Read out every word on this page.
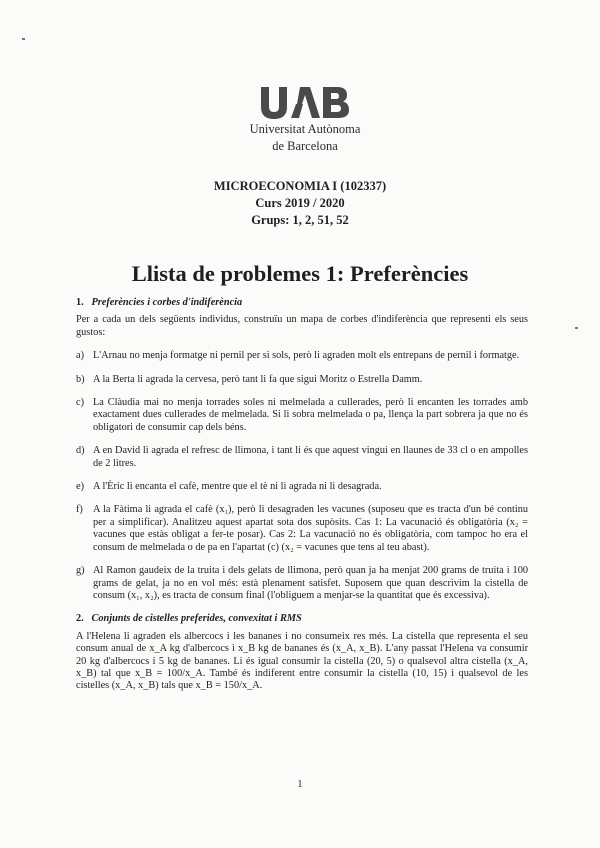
Universitat Autònoma
de Barcelona
MICROECONOMIA I (102337)
Curs 2019 / 2020
Grups: 1, 2, 51, 52
Llista de problemes 1: Preferències

1. Preferències i corbes d'indiferència

Per a cada un dels següents individus, construïu un mapa de corbes d'indiferència que representi els seus gustos:

a) L'Arnau no menja formatge ni pernil per si sols, però li agraden molt els entrepans de pernil i formatge.
b) A la Berta li agrada la cervesa, però tant li fa que sigui Moritz o Estrella Damm.
c) La Clàudia mai no menja torrades soles ni melmelada a cullerades, però li encanten les torrades amb exactament dues cullerades de melmelada. Si li sobra melmelada o pa, llença la part sobrera ja que no és obligatori de consumir cap dels béns.
d) A en David li agrada el refresc de llimona, i tant li és que aquest vingui en llaunes de 33 cl o en ampolles de 2 litres.
e) A l'Èric li encanta el cafè, mentre que el tè ni li agrada ni li desagrada.
f) A la Fàtima li agrada el cafè (x₁), però li desagraden les vacunes (suposeu que es tracta d'un bé continu per a simplificar). Analitzeu aquest apartat sota dos supòsits. Cas 1: La vacunació és obligatòria (x₂ = vacunes que estàs obligat a fer-te posar). Cas 2: La vacunació no és obligatòria, com tampoc ho era el consum de melmelada o de pa en l'apartat (c) (x₂ = vacunes que tens al teu abast).
g) Al Ramon gaudeix de la truita i dels gelats de llimona, però quan ja ha menjat 200 grams de truita i 100 grams de gelat, ja no en vol més: està plenament satisfet. Suposem que quan descrivim la cistella de consum (x₁, x₂), es tracta de consum final (l'obliguem a menjar-se la quantitat que és excessiva).

2. Conjunts de cistelles preferides, convexitat i RMS

A l'Helena li agraden els albercocs i les bananes i no consumeix res més. La cistella que representa el seu consum anual de x_A kg d'albercocs i x_B kg de bananes és (x_A, x_B). L'any passat l'Helena va consumir 20 kg d'albercocs i 5 kg de bananes. Li és igual consumir la cistella (20, 5) o qualsevol altra cistella (x_A, x_B) tal que x_B = 100/x_A. També és indiferent entre consumir la cistella (10, 15) i qualsevol de les cistelles (x_A, x_B) tals que x_B = 150/x_A.

1
